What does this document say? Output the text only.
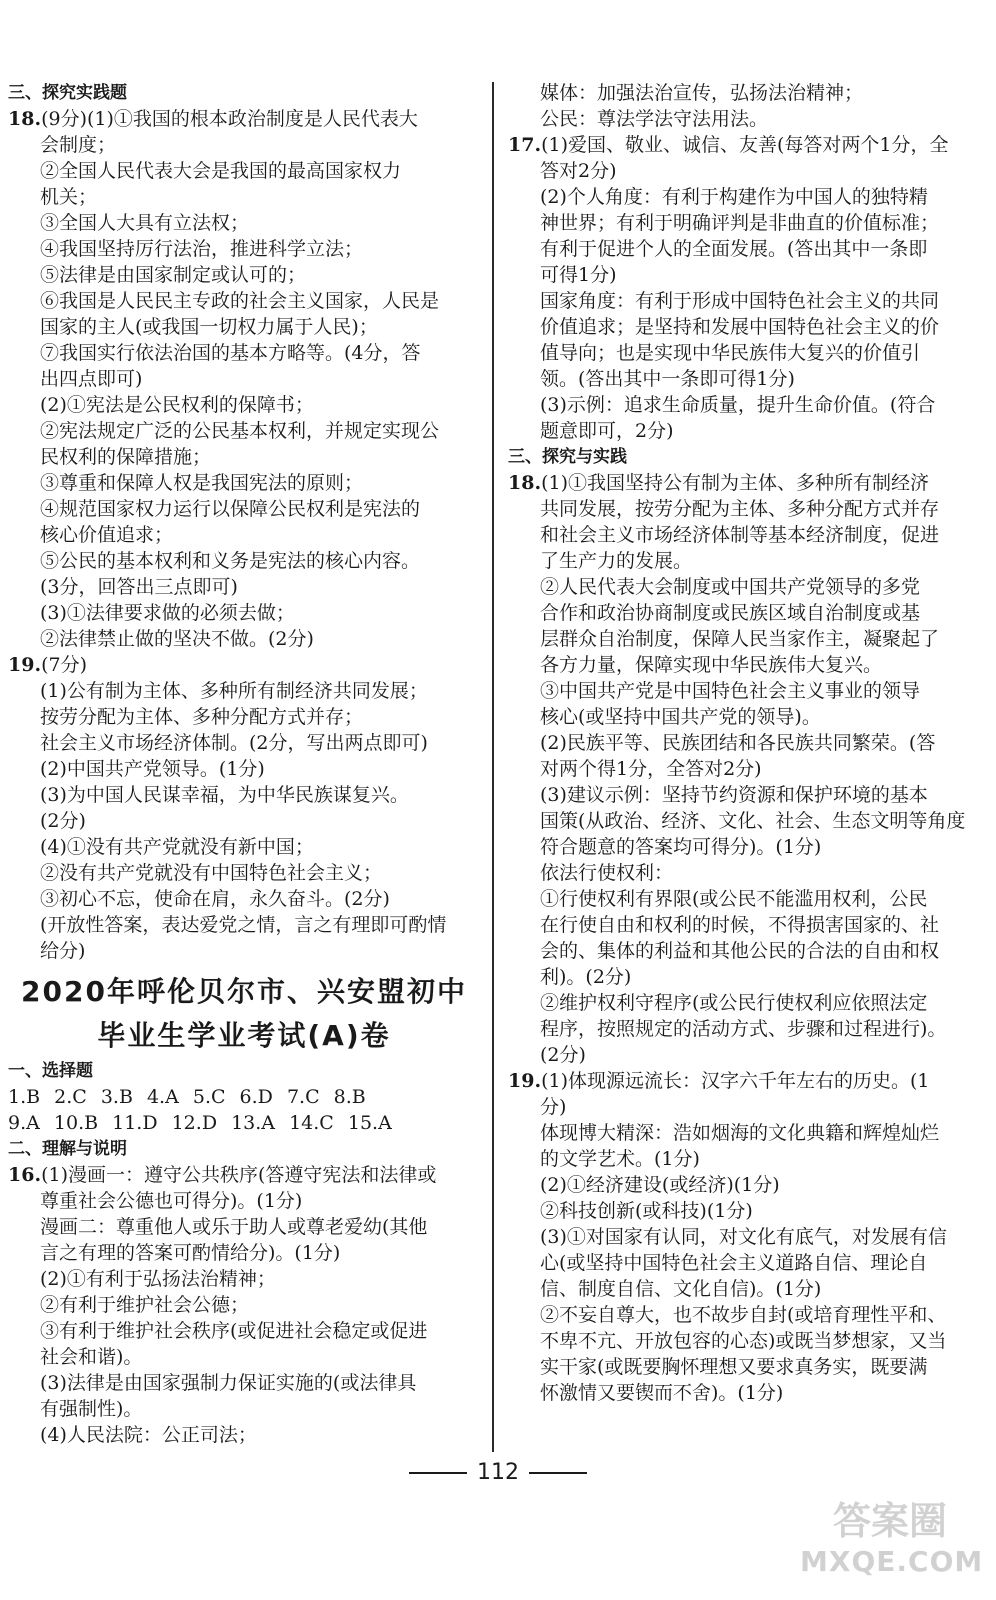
三、探究实践题
18.(9分)(1)①我国的根本政治制度是人民代表大
会制度；
②全国人民代表大会是我国的最高国家权力
机关；
③全国人大具有立法权；
④我国坚持厉行法治，推进科学立法；
⑤法律是由国家制定或认可的；
⑥我国是人民民主专政的社会主义国家，人民是
国家的主人(或我国一切权力属于人民)；
⑦我国实行依法治国的基本方略等。(4分，答
出四点即可)
(2)①宪法是公民权利的保障书；
②宪法规定广泛的公民基本权利，并规定实现公
民权利的保障措施；
③尊重和保障人权是我国宪法的原则；
④规范国家权力运行以保障公民权利是宪法的
核心价值追求；
⑤公民的基本权利和义务是宪法的核心内容。
(3分，回答出三点即可)
(3)①法律要求做的必须去做；
②法律禁止做的坚决不做。(2分)
19.(7分)
(1)公有制为主体、多种所有制经济共同发展；
按劳分配为主体、多种分配方式并存；
社会主义市场经济体制。(2分，写出两点即可)
(2)中国共产党领导。(1分)
(3)为中国人民谋幸福，为中华民族谋复兴。
(2分)
(4)①没有共产党就没有新中国；
②没有共产党就没有中国特色社会主义；
③初心不忘，使命在肩，永久奋斗。(2分)
(开放性答案，表达爱党之情，言之有理即可酌情
给分)
2020年呼伦贝尔市、兴安盟初中
毕业生学业考试(A)卷
一、选择题
1.B 2.C 3.B 4.A 5.C 6.D 7.C 8.B
9.A 10.B 11.D 12.D 13.A 14.C 15.A
二、理解与说明
16.(1)漫画一：遵守公共秩序(答遵守宪法和法律或
尊重社会公德也可得分)。(1分)
漫画二：尊重他人或乐于助人或尊老爱幼(其他
言之有理的答案可酌情给分)。(1分)
(2)①有利于弘扬法治精神；
②有利于维护社会公德；
③有利于维护社会秩序(或促进社会稳定或促进
社会和谐)。
(3)法律是由国家强制力保证实施的(或法律具
有强制性)。
(4)人民法院：公正司法；
媒体：加强法治宣传，弘扬法治精神；
公民：尊法学法守法用法。
17.(1)爱国、敬业、诚信、友善(每答对两个1分，全
答对2分)
(2)个人角度：有利于构建作为中国人的独特精
神世界；有利于明确评判是非曲直的价值标准；
有利于促进个人的全面发展。(答出其中一条即
可得1分)
国家角度：有利于形成中国特色社会主义的共同
价值追求；是坚持和发展中国特色社会主义的价
值导向；也是实现中华民族伟大复兴的价值引
领。(答出其中一条即可得1分)
(3)示例：追求生命质量，提升生命价值。(符合
题意即可，2分)
三、探究与实践
18.(1)①我国坚持公有制为主体、多种所有制经济
共同发展，按劳分配为主体、多种分配方式并存
和社会主义市场经济体制等基本经济制度，促进
了生产力的发展。
②人民代表大会制度或中国共产党领导的多党
合作和政治协商制度或民族区域自治制度或基
层群众自治制度，保障人民当家作主，凝聚起了
各方力量，保障实现中华民族伟大复兴。
③中国共产党是中国特色社会主义事业的领导
核心(或坚持中国共产党的领导)。
(2)民族平等、民族团结和各民族共同繁荣。(答
对两个得1分，全答对2分)
(3)建议示例：坚持节约资源和保护环境的基本
国策(从政治、经济、文化、社会、生态文明等角度
符合题意的答案均可得分)。(1分)
依法行使权利：
①行使权利有界限(或公民不能滥用权利，公民
在行使自由和权利的时候，不得损害国家的、社
会的、集体的利益和其他公民的合法的自由和权
利)。(2分)
②维护权利守程序(或公民行使权利应依照法定
程序，按照规定的活动方式、步骤和过程进行)。
(2分)
19.(1)体现源远流长：汉字六千年左右的历史。(1
分)
体现博大精深：浩如烟海的文化典籍和辉煌灿烂
的文学艺术。(1分)
(2)①经济建设(或经济)(1分)
②科技创新(或科技)(1分)
(3)①对国家有认同，对文化有底气，对发展有信
心(或坚持中国特色社会主义道路自信、理论自
信、制度自信、文化自信)。(1分)
②不妄自尊大，也不故步自封(或培育理性平和、
不卑不亢、开放包容的心态)或既当梦想家，又当
实干家(或既要胸怀理想又要求真务实，既要满
怀激情又要锲而不舍)。(1分)
112
答案圈
MXQE.COM
